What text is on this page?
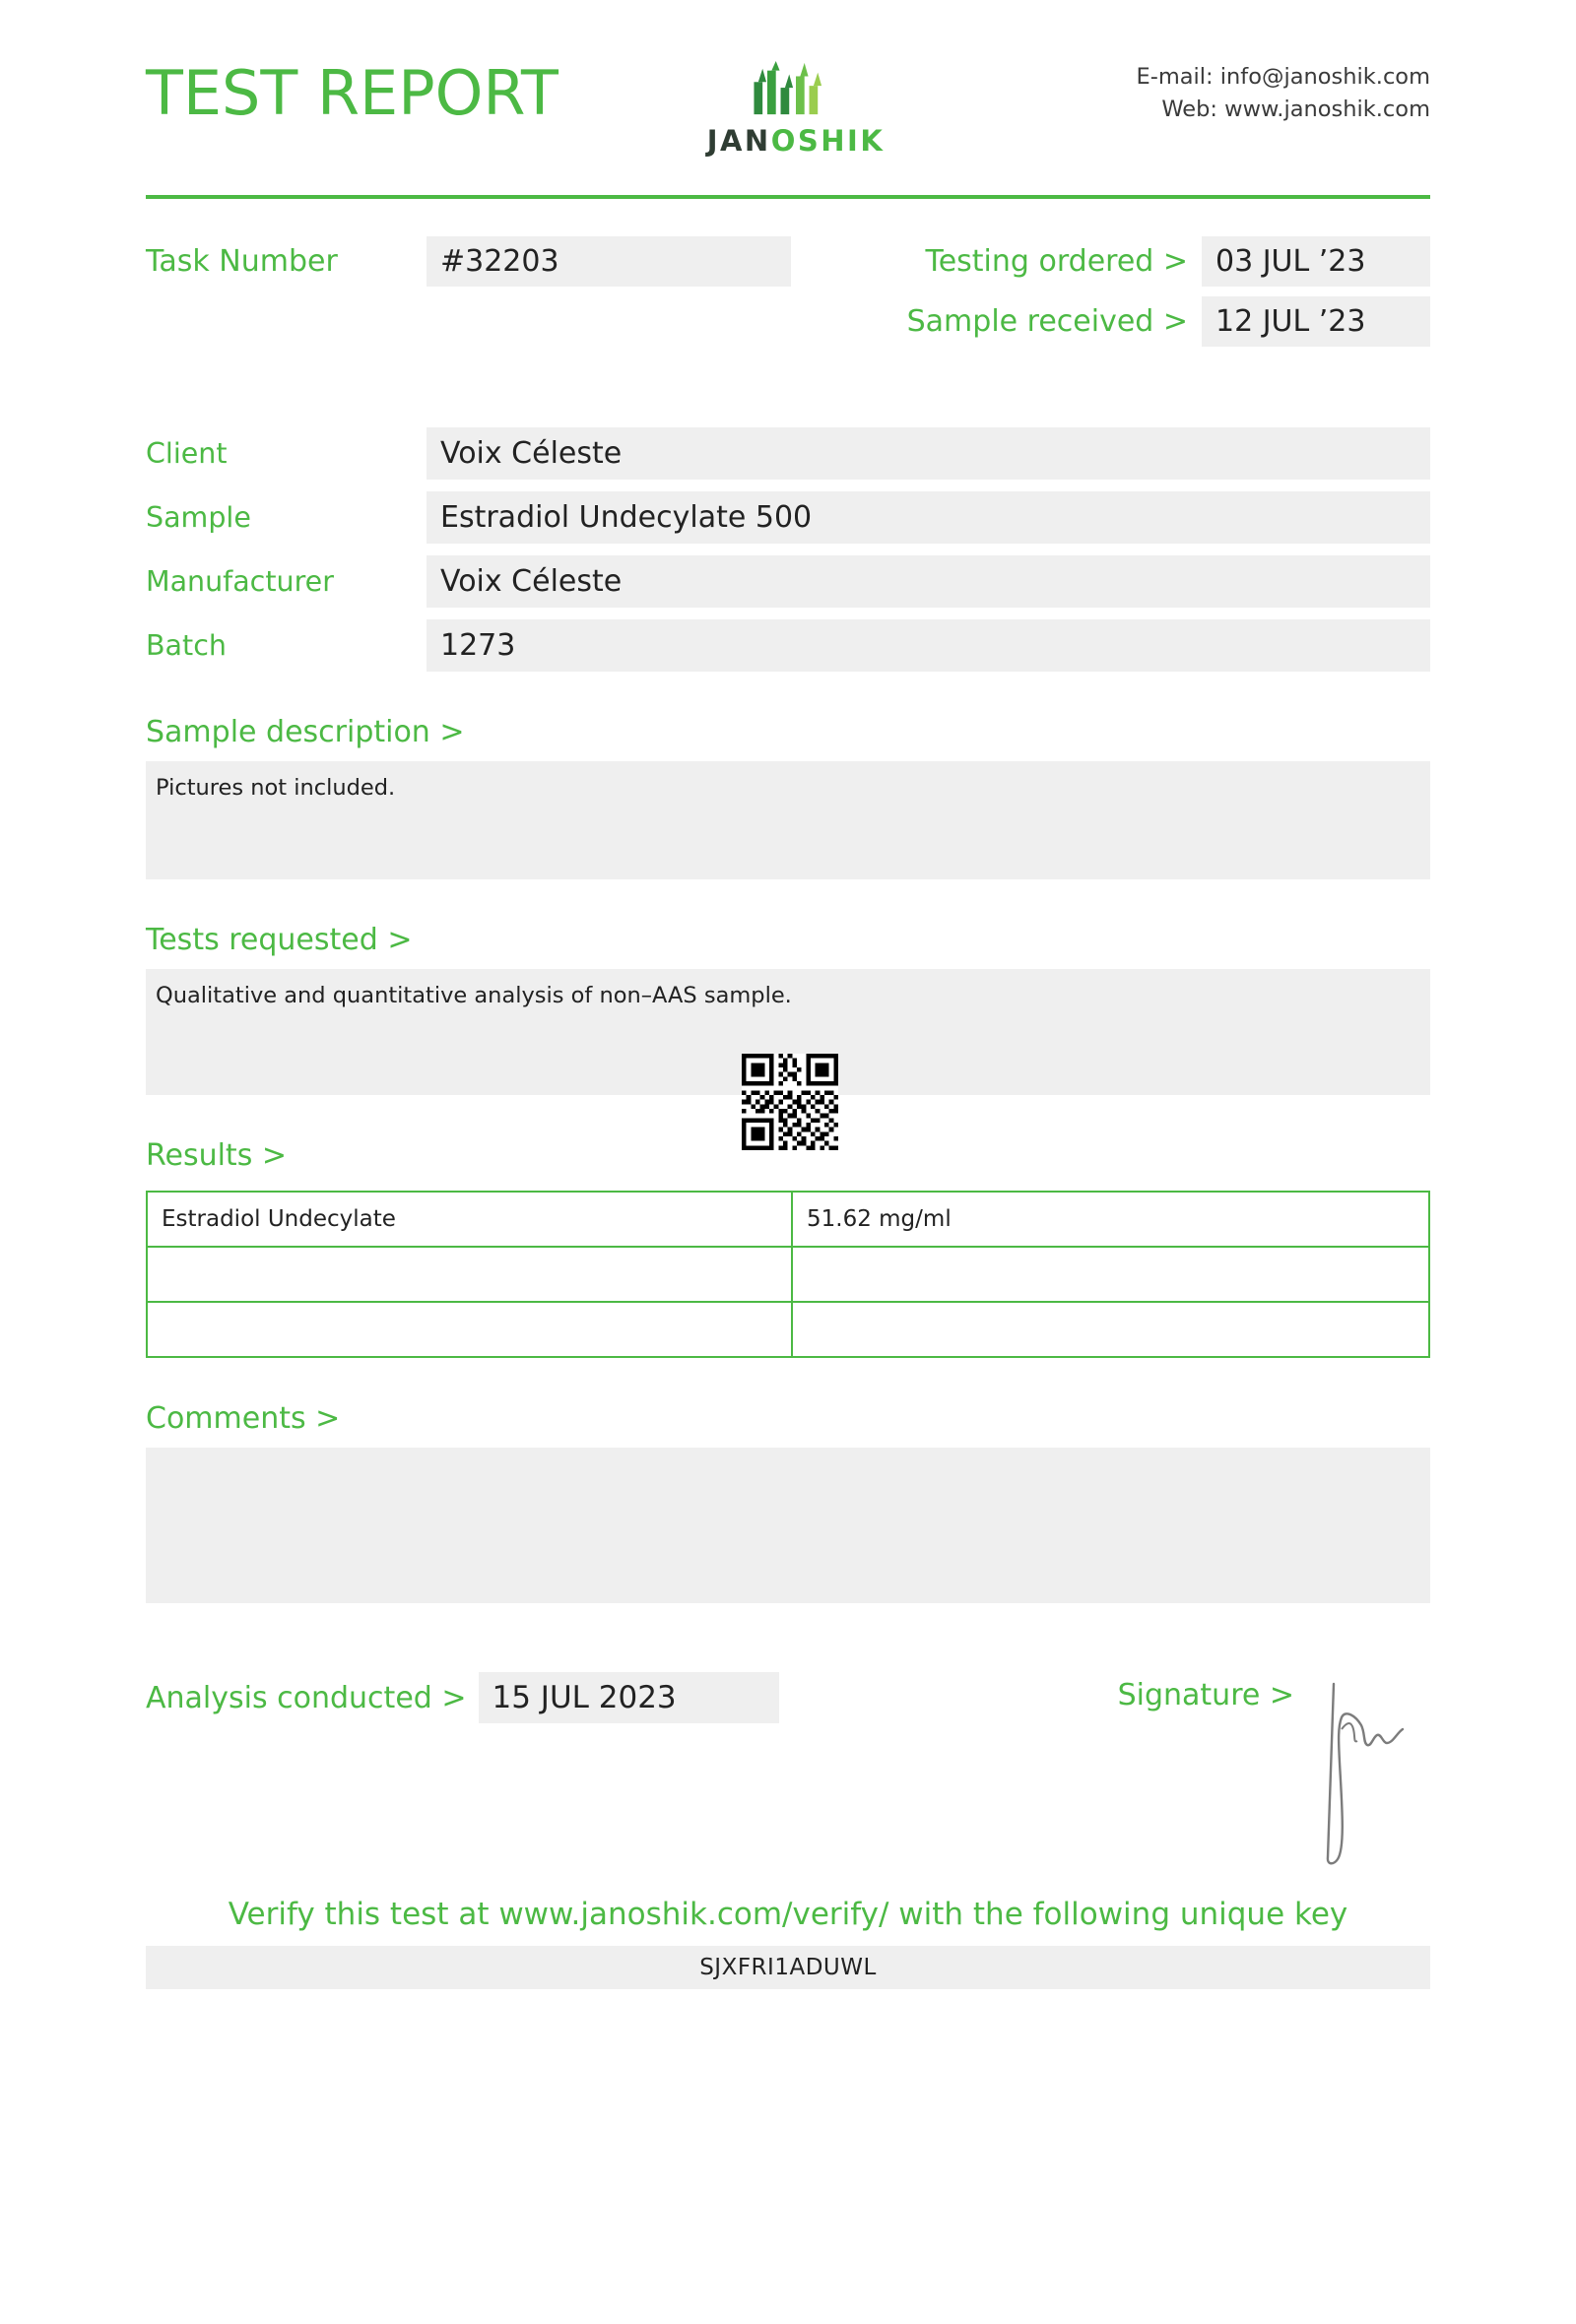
TEST REPORT
JANOSHIK
E-mail: info@janoshik.com
Web: www.janoshik.com
Task Number	#32203	Testing ordered > 03 JUL ’23
Sample received > 12 JUL ’23
Client	Voix Céleste
Sample	Estradiol Undecylate 500
Manufacturer	Voix Céleste
Batch	1273
Sample description >
Pictures not included.
Tests requested >
Qualitative and quantitative analysis of non–AAS sample.
Results >
Estradiol Undecylate	51.62 mg/ml

Comments >
Analysis conducted > 15 JUL 2023	Signature >
Verify this test at www.janoshik.com/verify/ with the following unique key
SJXFRI1ADUWL
